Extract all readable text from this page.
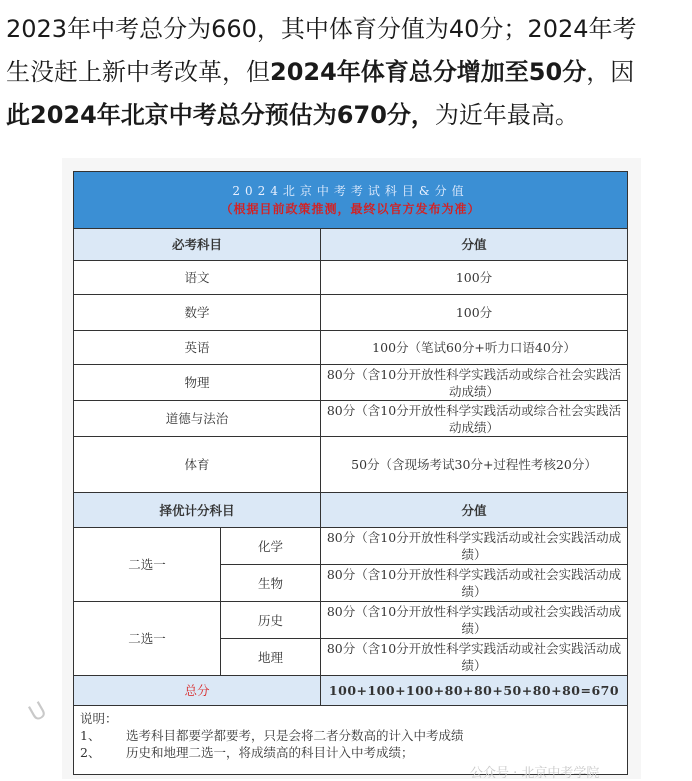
2023年中考总分为660，其中体育分值为40分；2024年考
生没赶上新中考改革，但2024年体育总分增加至50分，因
此2024年北京中考总分预估为670分，为近年最高。
2024北京中考考试科目&分值
（根据目前政策推测，最终以官方发布为准）		

必考科目		分值
语文		100分
数学		100分
英语		100分（笔试60分+听力口语40分）
物理		80分（含10分开放性科学实践活动或综合社会实践活动成绩）
道德与法治		80分（含10分开放性科学实践活动或综合社会实践活动成绩）
体育		50分（含现场考试30分+过程性考核20分）
择优计分科目		分值
二选一	化学	80分（含10分开放性科学实践活动或社会实践活动成绩）
	生物	80分（含10分开放性科学实践活动或社会实践活动成绩）
二选一	历史	80分（含10分开放性科学实践活动或社会实践活动成绩）
	地理	80分（含10分开放性科学实践活动或社会实践活动成绩）
总分		100+100+100+80+80+50+80+80=670

说明：
1、 选考科目都要学都要考，只是会将二者分数高的计入中考成绩
2、 历史和地理二选一，将成绩高的科目计入中考成绩；		
U
公众号 · 北京中考学院
